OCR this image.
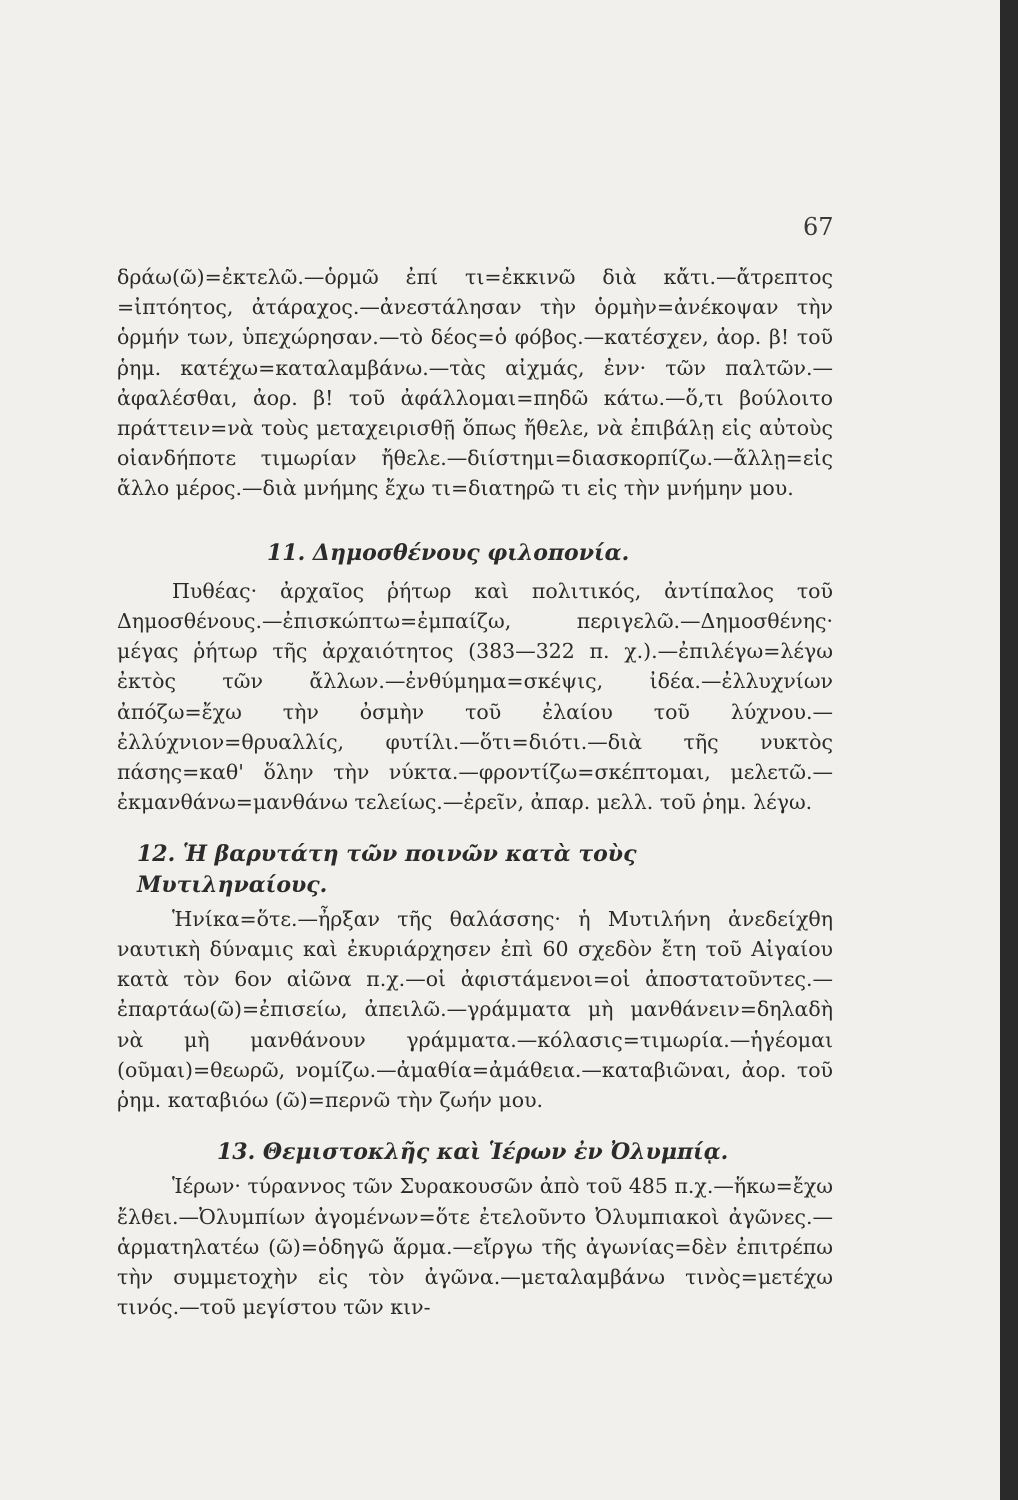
67

δράω(ῶ)=ἐκτελῶ.—ὁρμῶ ἐπί τι=ἐκκινῶ διὰ κἄτι.—ἄτρεπτος =ἰπτόητος, ἀτάραχος.—ἀνεστάλησαν τὴν ὁρμὴν=ἀνέκοψαν τὴν ὁρμήν των, ὑπεχώρησαν.—τὸ δέος=ὁ φόβος.—κατέσχεν, ἀορ. β! τοῦ ῥημ. κατέχω=καταλαμβάνω.—τὰς αἰχμάς, ἐνν· τῶν παλτῶν.—ἀφαλέσθαι, ἀορ. β! τοῦ ἀφάλλομαι=πηδῶ κάτω.—ὅ,τι βούλοιτο πράττειν=νὰ τοὺς μεταχειρισθῇ ὅπως ἤθελε, νὰ ἐπιβάλῃ εἰς αὐτοὺς οἱανδήποτε τιμωρίαν ἤθελε.—διίστημι=διασκορπίζω.—ἄλλῃ=εἰς ἄλλο μέρος.—διὰ μνήμης ἔχω τι=διατηρῶ τι εἰς τὴν μνήμην μου.

11. Δημοσθένους φιλοπονία.

Πυθέας· ἀρχαῖος ῥήτωρ καὶ πολιτικός, ἀντίπαλος τοῦ Δημοσθένους.—ἐπισκώπτω=ἐμπαίζω, περιγελῶ.—Δημοσθένης· μέγας ῥήτωρ τῆς ἀρχαιότητος (383—322 π. χ.).—ἐπιλέγω=λέγω ἐκτὸς τῶν ἄλλων.—ἐνθύμημα=σκέψις, ἰδέα.—ἐλλυχνίων ἀπόζω=ἔχω τὴν ὀσμὴν τοῦ ἐλαίου τοῦ λύχνου.—ἐλλύχνιον=θρυαλλίς, φυτίλι.—ὅτι=διότι.—διὰ τῆς νυκτὸς πάσης=καθ' ὅλην τὴν νύκτα.—φροντίζω=σκέπτομαι, μελετῶ.—ἐκμανθάνω=μανθάνω τελείως.—ἐρεῖν, ἀπαρ. μελλ. τοῦ ῥημ. λέγω.

12. Ἡ βαρυτάτη τῶν ποινῶν κατὰ τοὺς Μυτιληναίους.

Ἡνίκα=ὅτε.—ἦρξαν τῆς θαλάσσης· ἡ Μυτιλήνη ἀνεδείχθη ναυτικὴ δύναμις καὶ ἐκυριάρχησεν ἐπὶ 60 σχεδὸν ἔτη τοῦ Αἰγαίου κατὰ τὸν 6ον αἰῶνα π.χ.—οἱ ἀφιστάμενοι=οἱ ἀποστατοῦντες.—ἐπαρτάω(ῶ)=ἐπισείω, ἀπειλῶ.—γράμματα μὴ μανθάνειν=δηλαδὴ νὰ μὴ μανθάνουν γράμματα.—κόλασις=τιμωρία.—ἡγέομαι (οῦμαι)=θεωρῶ, νομίζω.—ἀμαθία=ἀμάθεια.—καταβιῶναι, ἀορ. τοῦ ῥημ. καταβιόω (ῶ)=περνῶ τὴν ζωήν μου.

13. Θεμιστοκλῆς καὶ Ἱέρων ἐν Ὀλυμπίᾳ.

Ἱέρων· τύραννος τῶν Συρακουσῶν ἀπὸ τοῦ 485 π.χ.—ἥκω=ἔχω ἔλθει.—Ὀλυμπίων ἀγομένων=ὅτε ἐτελοῦντο Ὀλυμπιακοὶ ἀγῶνες.—ἁρματηλατέω (ῶ)=ὁδηγῶ ἅρμα.—εἴργω τῆς ἀγωνίας=δὲν ἐπιτρέπω τὴν συμμετοχὴν εἰς τὸν ἀγῶνα.—μεταλαμβάνω τινὸς=μετέχω τινός.—τοῦ μεγίστου τῶν κιν-
